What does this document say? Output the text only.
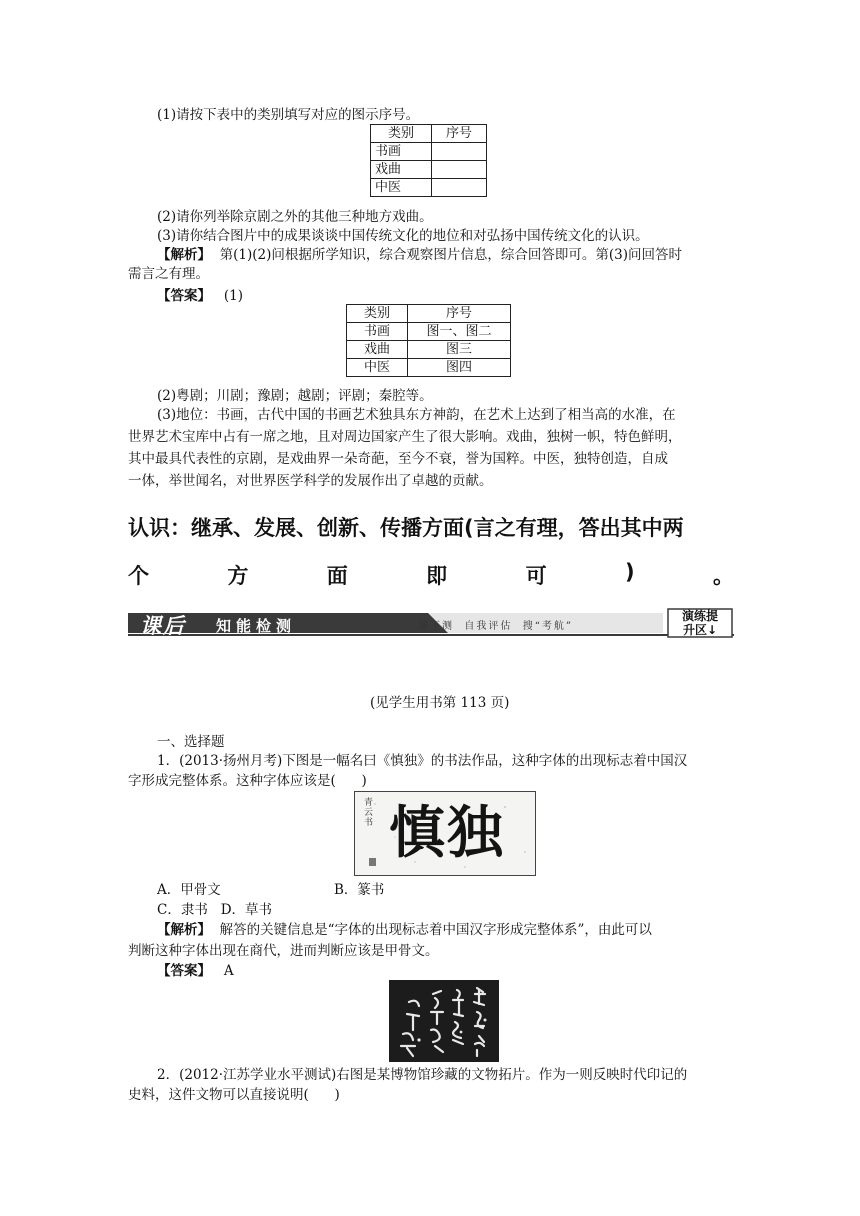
(1)请按下表中的类别填写对应的图示序号。
类别	序号
书画	
戏曲	
中医	
(2)请你列举除京剧之外的其他三种地方戏曲。
(3)请你结合图片中的成果谈谈中国传统文化的地位和对弘扬中国传统文化的认识。
【解析】 第(1)(2)问根据所学知识，综合观察图片信息，综合回答即可。第(3)问回答时
需言之有理。
【答案】 (1)
类别	序号
书画	图一、图二
戏曲	图三
中医	图四
(2)粤剧；川剧；豫剧；越剧；评剧；秦腔等。
(3)地位：书画，古代中国的书画艺术独具东方神韵，在艺术上达到了相当高的水准，在
世界艺术宝库中占有一席之地，且对周边国家产生了很大影响。戏曲，独树一帜，特色鲜明，
其中最具代表性的京剧，是戏曲界一朵奇葩，至今不衰，誉为国粹。中医，独特创造，自成
一体，举世闻名，对世界医学科学的发展作出了卓越的贡献。
认识：继承、发展、创新、传播方面(言之有理，答出其中两
个	方	面	即	可	)	。
课后 知能检测	课下测  自我评估  搜“考航”
演练提
升区↓
(见学生用书第 113 页)
一、选择题
1．(2013·扬州月考)下图是一幅名曰《慎独》的书法作品，这种字体的出现标志着中国汉
字形成完整体系。这种字体应该是(      )
青云书 慎独
A．甲骨文	B．篆书
C．隶书   D．草书
【解析】 解答的关键信息是“字体的出现标志着中国汉字形成完整体系”，由此可以
判断这种字体出现在商代，进而判断应该是甲骨文。
【答案】 A
2．(2012·江苏学业水平测试)右图是某博物馆珍藏的文物拓片。作为一则反映时代印记的
史料，这件文物可以直接说明(      )
